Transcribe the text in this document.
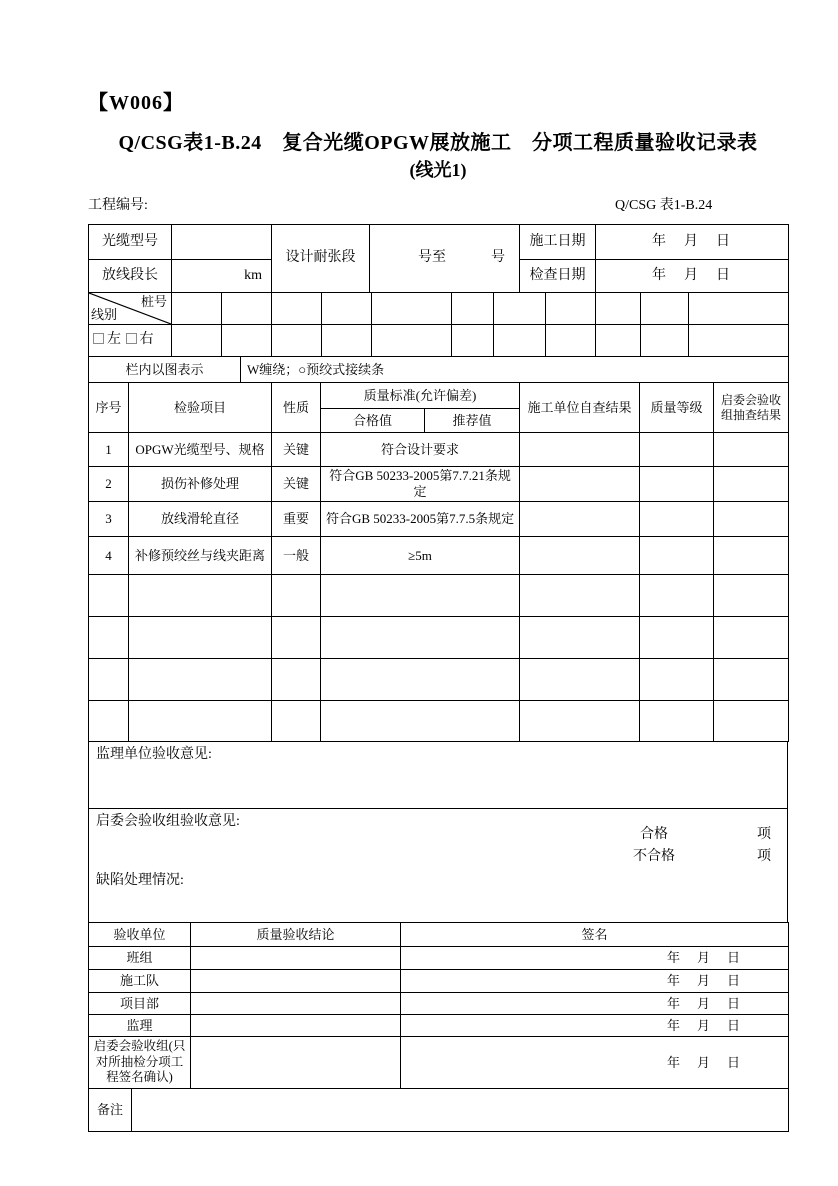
【W006】
Q/CSG表1-B.24　复合光缆OPGW展放施工　分项工程质量验收记录表
(线光1)
工程编号:	Q/CSG 表1-B.24
光缆型号		设计耐张段	号至 号	施工日期	年　月　日
放线段长	km			检查日期	年　月　日
桩号
线别											

左 右											
栏内以图表示	W缠绕；○预绞式接续条
序号	检验项目	性质	质量标准(允许偏差)		施工单位自查结果	质量等级	启委会验收组抽查结果
			合格值	推荐值			
1	OPGW光缆型号、规格	关键	符合设计要求				
2	损伤补修处理	关键	符合GB 50233-2005第7.7.21条规定				
3	放线滑轮直径	重要	符合GB 50233-2005第7.7.5条规定				
4	补修预绞丝与线夹距离	一般	≥5m				

监理单位验收意见:
启委会验收组验收意见:
合格	项
不合格	项
缺陷处理情况:
验收单位	质量验收结论	签名
班组		年　月　日
施工队		年　月　日
项目部		年　月　日
监理		年　月　日
启委会验收组(只对所抽检分项工程签名确认)		年　月　日
备注	
